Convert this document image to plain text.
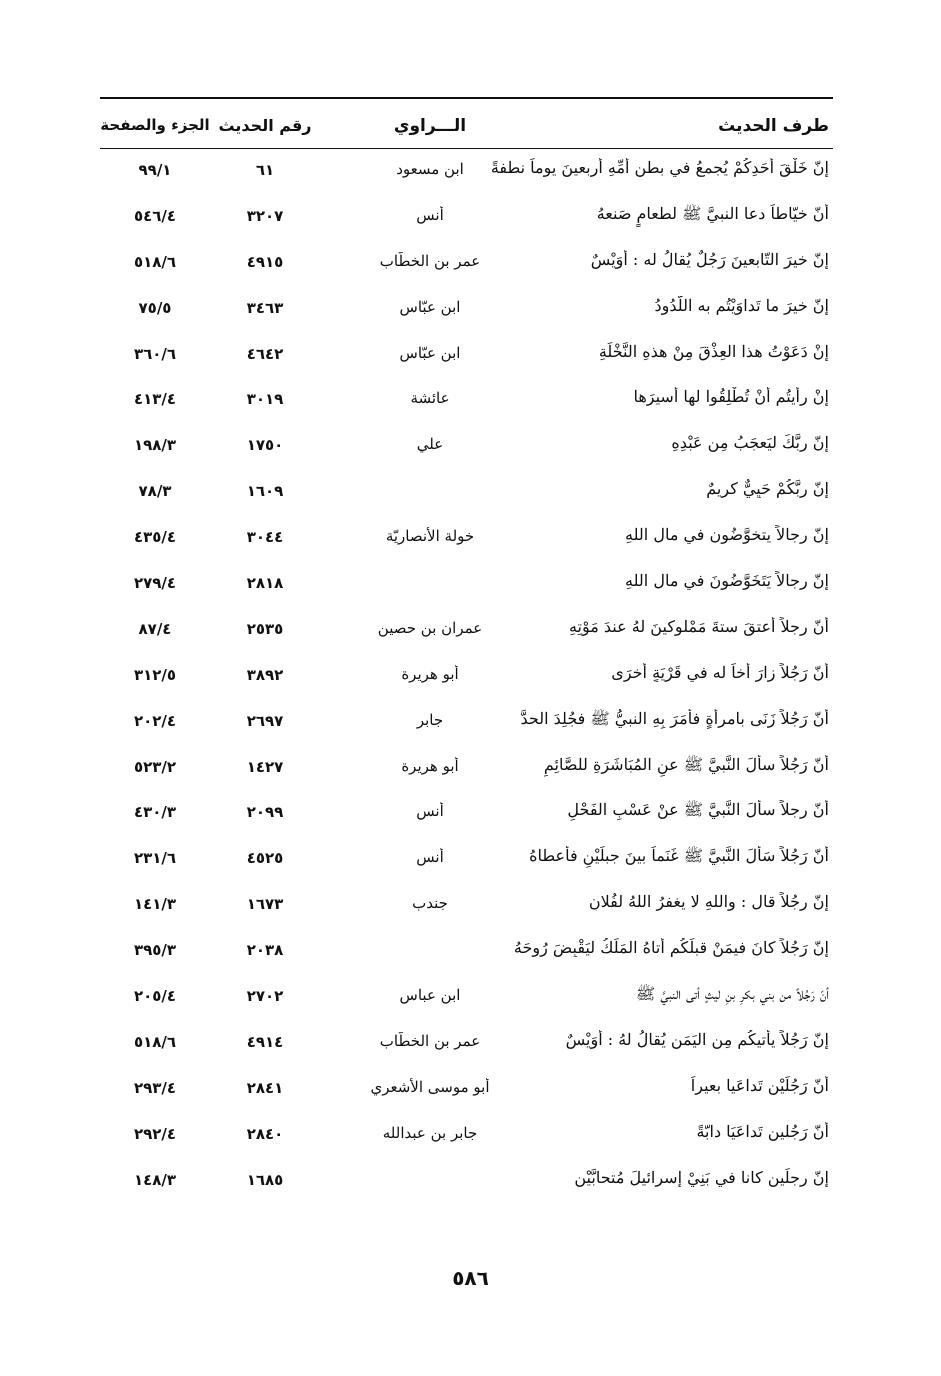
طرف الحديث
الـــراوي
رقم الحديث
الجزء والصفحة
إنّ خَلْقَ أَحَدِكُمْ يُجمعُ في بطنِ أُمِّهِ أربعينَ يوماً نطفةً
ابن مسعود
٦١
٩٩/١
أنّ خيّاطاً دعا النبيَّ ﷺ لطعامٍ صَنعهُ
أنس
٣٢٠٧
٥٤٦/٤
إنّ خيرَ التّابعينَ رَجُلٌ يُقالُ له : أُوَيْسٌ
عمر بن الخطّاب
٤٩١٥
٥١٨/٦
إنّ خيرَ ما تَداوَيْتُم به اللّدُودُ
ابن عبّاس
٣٤٦٣
٧٥/٥
إنْ دَعَوْتُ هذا العِذْقَ مِنْ هذهِ النَّخْلَةِ
ابن عبّاس
٤٦٤٢
٣٦٠/٦
إنْ رأيتُم أنْ تُطْلِقُوا لها أَسيرَها
عائشة
٣٠١٩
٤١٣/٤
إنّ ربَّكَ ليَعجَبُ مِن عَبْدِهِ
علي
١٧٥٠
١٩٨/٣
إنّ ربَّكُمْ حَيِيٌّ كريمٌ
١٦٠٩
٧٨/٣
إنّ رجالاً يتخوَّضُون في مالِ اللهِ
خولة الأنصاريّة
٣٠٤٤
٤٣٥/٤
إنّ رِجالاً يَتَخَوَّضُونَ في مالِ اللهِ
٢٨١٨
٢٧٩/٤
أنّ رجلاً أعتقَ ستةَ مَمْلوكينَ لهُ عندَ مَوْتِهِ
عمران بن حصين
٢٥٣٥
٨٧/٤
أنّ رَجُلاً زارَ أخاً له في قَرْيَةٍ أُخرَى
أبو هريرة
٣٨٩٢
٣١٢/٥
أنّ رَجُلاً زَنَى بامرأةٍ فأَمَرَ بِهِ النبيُّ ﷺ فجُلِدَ الحدَّ
جابر
٢٦٩٧
٢٠٢/٤
أنّ رَجُلاً سأَلَ النَّبيَّ ﷺ عنِ المُبَاشَرَةِ للصَّائِمِ
أبو هريرة
١٤٢٧
٥٢٣/٢
أنّ رجلاً سألَ النَّبيَّ ﷺ عنْ عَسْبِ الفَحْلِ
أنس
٢٠٩٩
٤٣٠/٣
أنّ رَجُلاً سَألَ النَّبيَّ ﷺ غَنَماً بينَ جبلَيْنِ فأعطاهُ
أنس
٤٥٢٥
٢٣١/٦
إنّ رجُلاً قال : واللهِ لا يغفرُ اللهُ لفُلانٍ
جندب
١٦٧٣
١٤١/٣
إنّ رَجُلاً كانَ فيمَنْ قبلَكُم أتاهُ المَلَكُ ليَقْبِضَ رُوحَهُ
٢٠٣٨
٣٩٥/٣
أنّ رَجُلاً من بني بكرِ بنِ ليثٍ أتى النبيَّ ﷺ
ابن عباس
٢٧٠٢
٢٠٥/٤
إنّ رَجُلاً يأتيكُم مِن اليَمَنِ يُقالُ لهُ : أوَيْسٌ
عمر بن الخطّاب
٤٩١٤
٥١٨/٦
أنّ رَجُلَيْنِ تَداعَيا بعيراً
أبو موسى الأشعري
٢٨٤١
٢٩٣/٤
أنّ رَجُلينِ تَداعَيَا دابّةً
جابر بن عبدالله
٢٨٤٠
٢٩٢/٤
إنّ رجلَينِ كانا في بَنِيْ إسرائيلَ مُتحابَّيْنِ
١٦٨٥
١٤٨/٣
٥٨٦
